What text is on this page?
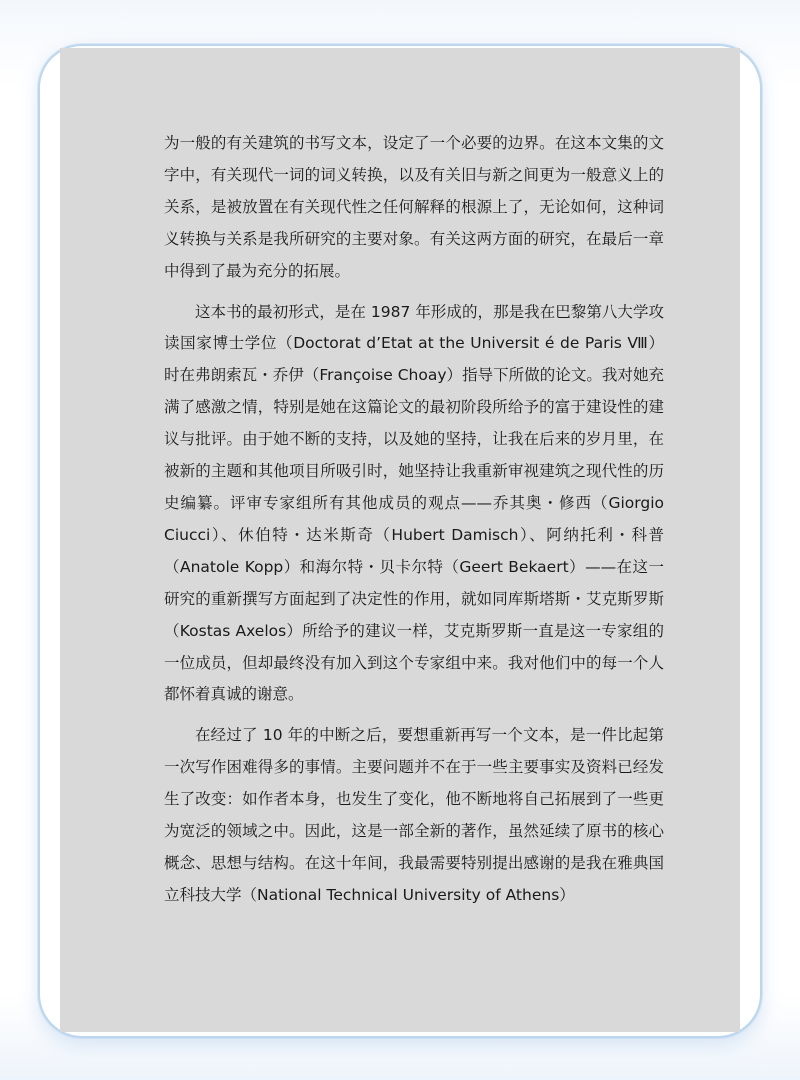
为一般的有关建筑的书写文本，设定了一个必要的边界。在这本文集的文字中，有关现代一词的词义转换，以及有关旧与新之间更为一般意义上的关系，是被放置在有关现代性之任何解释的根源上了，无论如何，这种词义转换与关系是我所研究的主要对象。有关这两方面的研究，在最后一章中得到了最为充分的拓展。

这本书的最初形式，是在 1987 年形成的，那是我在巴黎第八大学攻读国家博士学位（Doctorat d’Etat at the Universit é de Paris Ⅷ）时在弗朗索瓦・乔伊（Françoise Choay）指导下所做的论文。我对她充满了感激之情，特别是她在这篇论文的最初阶段所给予的富于建设性的建议与批评。由于她不断的支持，以及她的坚持，让我在后来的岁月里，在被新的主题和其他项目所吸引时，她坚持让我重新审视建筑之现代性的历史编纂。评审专家组所有其他成员的观点——乔其奥・修西（Giorgio Ciucci）、休伯特・达米斯奇（Hubert Damisch）、阿纳托利・科普（Anatole Kopp）和海尔特・贝卡尔特（Geert Bekaert）——在这一研究的重新撰写方面起到了决定性的作用，就如同库斯塔斯・艾克斯罗斯（Kostas Axelos）所给予的建议一样，艾克斯罗斯一直是这一专家组的一位成员，但却最终没有加入到这个专家组中来。我对他们中的每一个人都怀着真诚的谢意。

在经过了 10 年的中断之后，要想重新再写一个文本，是一件比起第一次写作困难得多的事情。主要问题并不在于一些主要事实及资料已经发生了改变：如作者本身，也发生了变化，他不断地将自己拓展到了一些更为宽泛的领域之中。因此，这是一部全新的著作，虽然延续了原书的核心概念、思想与结构。在这十年间，我最需要特别提出感谢的是我在雅典国立科技大学（National Technical University of Athens）
